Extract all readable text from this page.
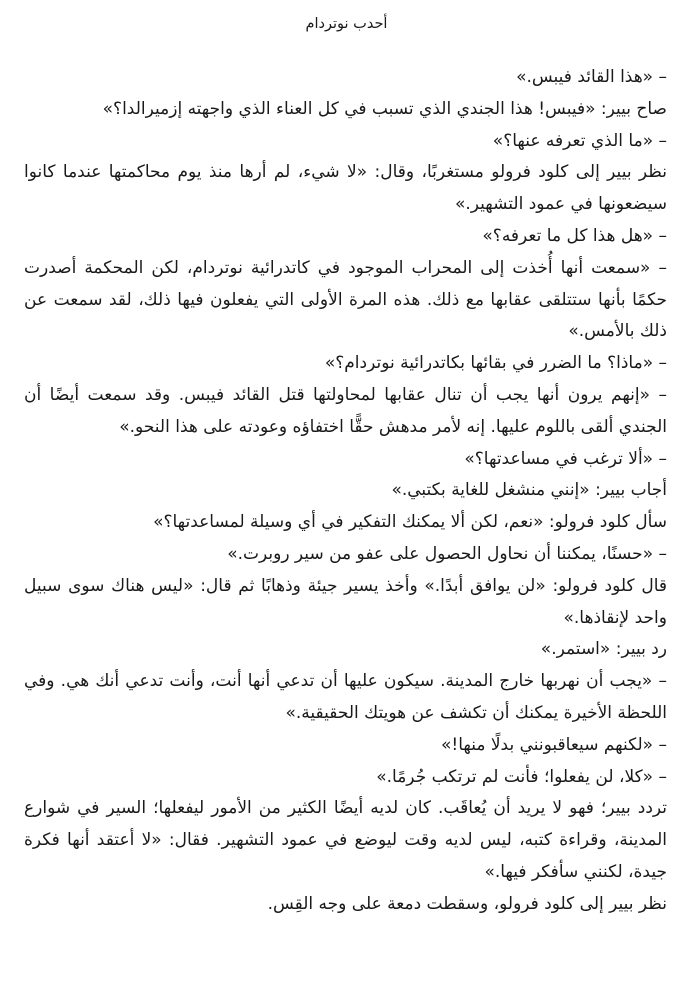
أحدب نوتردام

– «هذا القائد فيبس.»

صاح بيير: «فيبس! هذا الجندي الذي تسبب في كل العناء الذي واجهته إزميرالدا؟»

– «ما الذي تعرفه عنها؟»

نظر بيير إلى كلود فرولو مستغربًا، وقال: «لا شيء، لم أرها منذ يوم محاكمتها عندما كانوا سيضعونها في عمود التشهير.»

– «هل هذا كل ما تعرفه؟»

– «سمعت أنها أُخذت إلى المحراب الموجود في كاتدرائية نوتردام، لكن المحكمة أصدرت حكمًا بأنها ستتلقى عقابها مع ذلك. هذه المرة الأولى التي يفعلون فيها ذلك، لقد سمعت عن ذلك بالأمس.»

– «ماذا؟ ما الضرر في بقائها بكاتدرائية نوتردام؟»

– «إنهم يرون أنها يجب أن تنال عقابها لمحاولتها قتل القائد فيبس. وقد سمعت أيضًا أن الجندي ألقى باللوم عليها. إنه لأمر مدهش حقًّا اختفاؤه وعودته على هذا النحو.»

– «ألا ترغب في مساعدتها؟»

أجاب بيير: «إنني منشغل للغاية بكتبي.»

سأل كلود فرولو: «نعم، لكن ألا يمكنك التفكير في أي وسيلة لمساعدتها؟»

– «حسنًا، يمكننا أن نحاول الحصول على عفو من سير روبرت.»

قال كلود فرولو: «لن يوافق أبدًا.» وأخذ يسير جيئة وذهابًا ثم قال: «ليس هناك سوى سبيل واحد لإنقاذها.»

رد بيير: «استمر.»

– «يجب أن نهربها خارج المدينة. سيكون عليها أن تدعي أنها أنت، وأنت تدعي أنك هي. وفي اللحظة الأخيرة يمكنك أن تكشف عن هويتك الحقيقية.»

– «لكنهم سيعاقبونني بدلًا منها!»

– «كلا، لن يفعلوا؛ فأنت لم ترتكب جُرمًا.»

تردد بيير؛ فهو لا يريد أن يُعاقَب. كان لديه أيضًا الكثير من الأمور ليفعلها؛ السير في شوارع المدينة، وقراءة كتبه، ليس لديه وقت ليوضع في عمود التشهير. فقال: «لا أعتقد أنها فكرة جيدة، لكنني سأفكر فيها.»

نظر بيير إلى كلود فرولو، وسقطت دمعة على وجه القِس.
